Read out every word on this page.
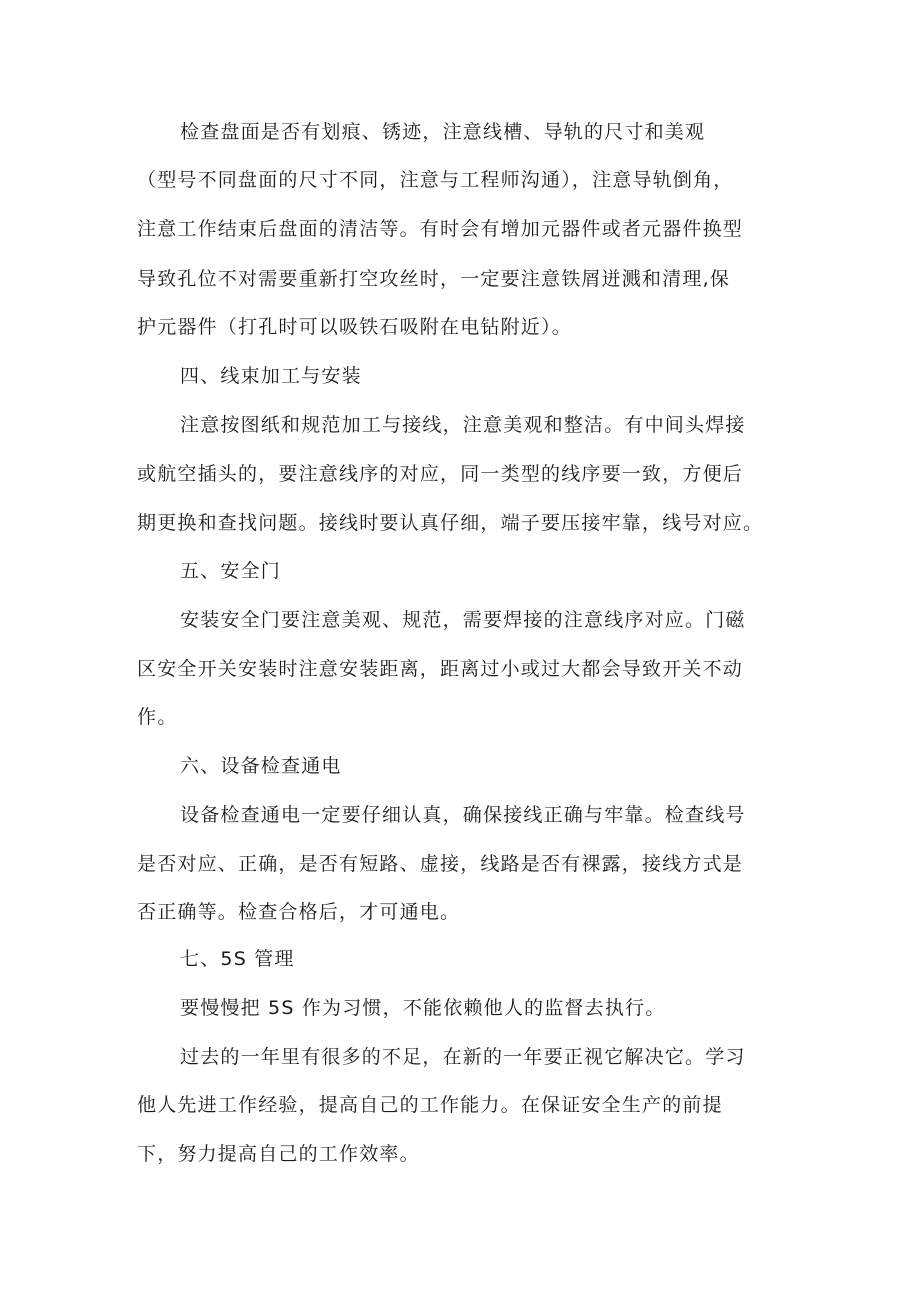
检查盘面是否有划痕、锈迹，注意线槽、导轨的尺寸和美观
（型号不同盘面的尺寸不同，注意与工程师沟通），注意导轨倒角，
注意工作结束后盘面的清洁等。有时会有增加元器件或者元器件换型
导致孔位不对需要重新打空攻丝时，一定要注意铁屑迸溅和清理,保
护元器件（打孔时可以吸铁石吸附在电钻附近）。
四、线束加工与安装
注意按图纸和规范加工与接线，注意美观和整洁。有中间头焊接
或航空插头的，要注意线序的对应，同一类型的线序要一致，方便后
期更换和查找问题。接线时要认真仔细，端子要压接牢靠，线号对应。
五、安全门
安装安全门要注意美观、规范，需要焊接的注意线序对应。门磁
区安全开关安装时注意安装距离，距离过小或过大都会导致开关不动
作。
六、设备检查通电
设备检查通电一定要仔细认真，确保接线正确与牢靠。检查线号
是否对应、正确，是否有短路、虚接，线路是否有裸露，接线方式是
否正确等。检查合格后，才可通电。
七、5S 管理
要慢慢把 5S 作为习惯，不能依赖他人的监督去执行。
过去的一年里有很多的不足，在新的一年要正视它解决它。学习
他人先进工作经验，提高自己的工作能力。在保证安全生产的前提
下，努力提高自己的工作效率。
